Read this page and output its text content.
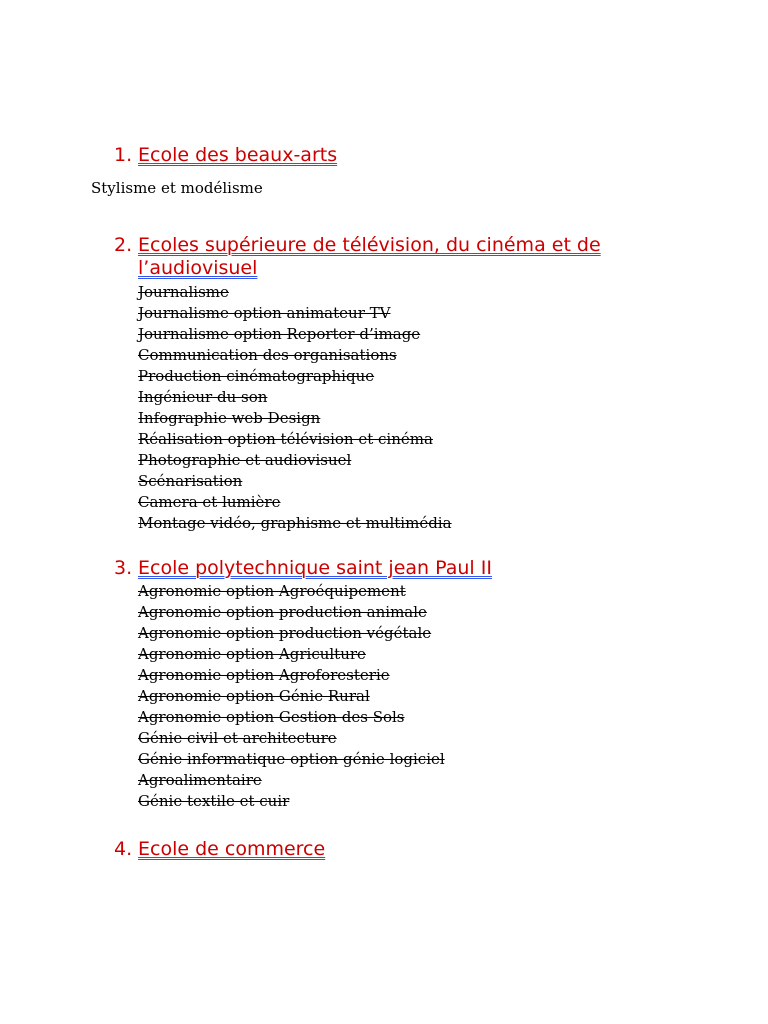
1. Ecole des beaux-arts
Stylisme et modélisme
2. Ecoles supérieure de télévision, du cinéma et de l’audiovisuel
Journalisme
Journalisme option animateur TV
Journalisme option Reporter d’image
Communication des organisations
Production cinématographique
Ingénieur du son
Infographie web Design
Réalisation option télévision et cinéma
Photographie et audiovisuel
Scénarisation
Camera et lumière
Montage vidéo, graphisme et multimédia
3. Ecole polytechnique saint jean Paul II
Agronomie option Agroéquipement
Agronomie option production animale
Agronomie option production végétale
Agronomie option Agriculture
Agronomie option Agroforesterie
Agronomie option Génie Rural
Agronomie option Gestion des Sols
Génie civil et architecture
Génie informatique option génie logiciel
Agroalimentaire
Génie textile et cuir
4. Ecole de commerce
